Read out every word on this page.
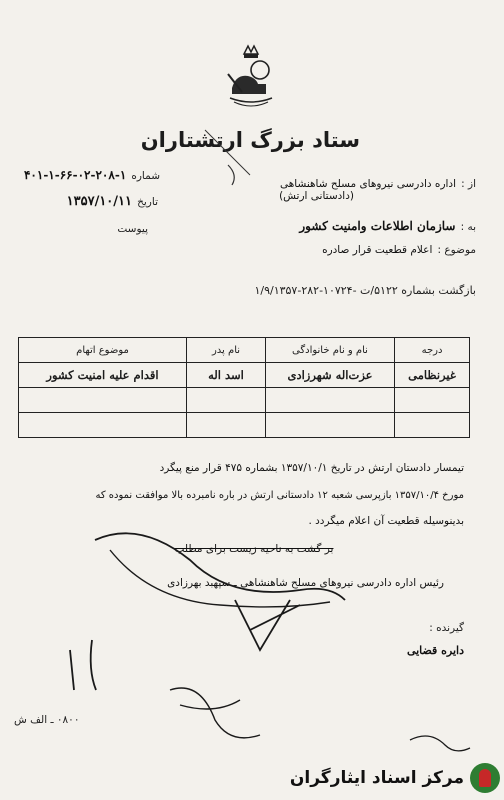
ستاد بزرگ ارتشتاران
شماره ۱-۲۰۸-۰۲-۶۶-۱-۴۰۱
تاریخ ۱۳۵۷/۱۰/۱۱
پیوست
از : اداره دادرسی نیروهای مسلح شاهنشاهی
(دادستانی ارتش)
به : سازمان اطلاعات وامنیت کشور
موضوع : اعلام قطعیت قرار صادره
بازگشت بشماره ۵۱۲۲/ت -۱۰۷۲۴-۲۸۲-۱/۹/۱۳۵۷
درجه	نام و نام خانوادگی	نام پدر	موضوع اتهام
غیرنظامی	عزت‌اله شهرزادی	اسد اله	اقدام علیه امنیت کشور

تیمسار دادستان ارتش در تاریخ ۱۳۵۷/۱۰/۱ بشماره ۴۷۵ قرار منع پیگرد
مورخ ۱۳۵۷/۱۰/۴ بازپرسی شعبه ۱۲ دادستانی ارتش در باره نامبرده بالا موافقت نموده که
بدینوسیله قطعیت آن اعلام میگردد .
بر گشت به ناحیه زیست برای مطلب
رئیس اداره دادرسی نیروهای مسلح شاهنشاهی ـ سپهبد بهرزادی
گیرنده :
دایره قضایی
۰۸۰۰ ـ الف ش
مرکز اسناد ایثارگران
